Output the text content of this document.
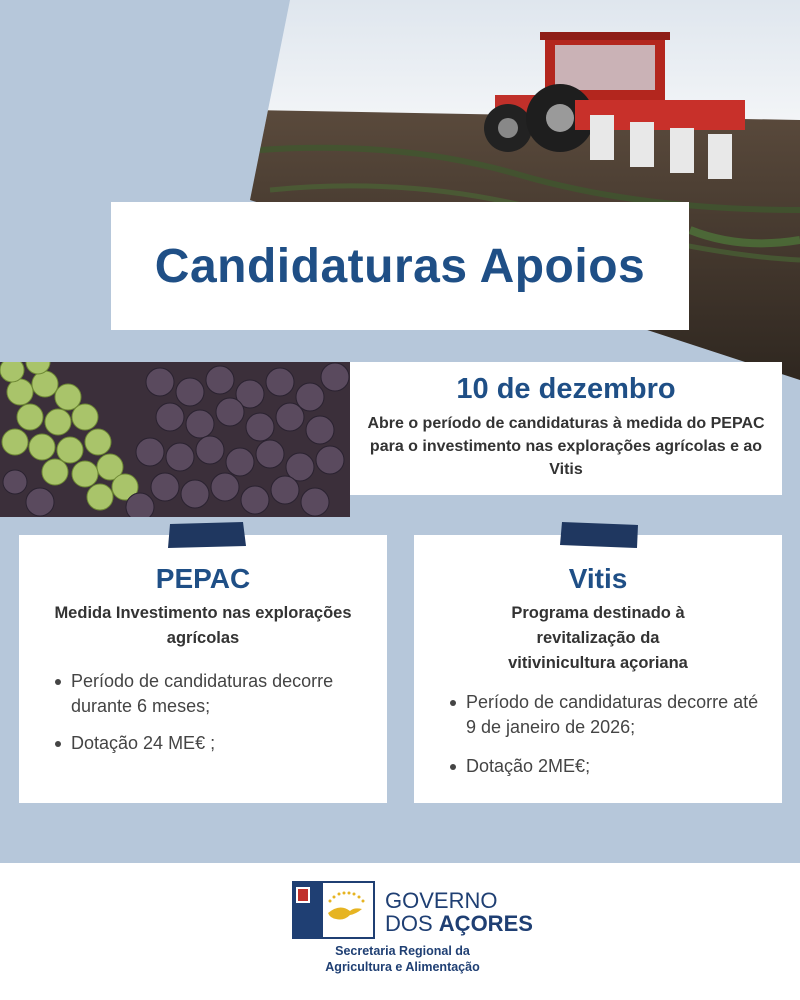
Candidaturas Apoios
10 de dezembro
Abre o período de candidaturas à medida do PEPAC para o investimento nas explorações agrícolas e ao Vitis
PEPAC
Medida Investimento nas explorações agrícolas
Período de candidaturas decorre durante 6 meses;
Dotação 24 ME€ ;
Vitis
Programa destinado à revitalização da vitivinicultura açoriana
Período de candidaturas decorre até 9 de janeiro de 2026;
Dotação 2ME€;
GOVERNO
DOS AÇORES
Secretaria Regional da Agricultura e Alimentação
